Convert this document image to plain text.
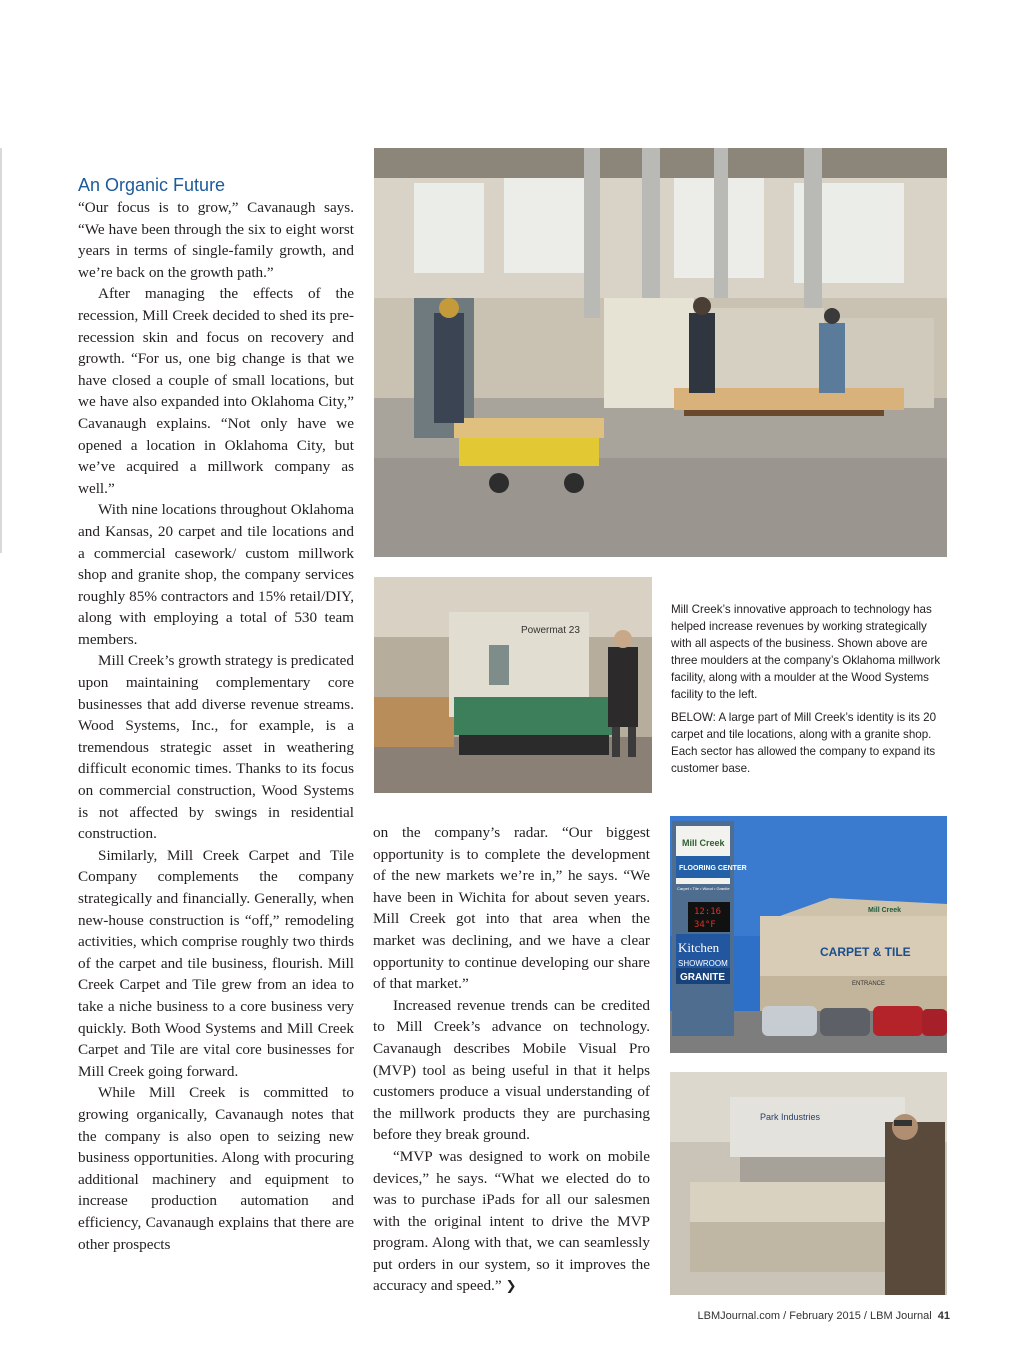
An Organic Future

“Our focus is to grow,” Cavanaugh says. “We have been through the six to eight worst years in terms of single-family growth, and we’re back on the growth path.”

After managing the effects of the recession, Mill Creek decided to shed its pre-recession skin and focus on recovery and growth. “For us, one big change is that we have closed a couple of small locations, but we have also expanded into Oklahoma City,” Cavanaugh explains. “Not only have we opened a location in Oklahoma City, but we’ve acquired a millwork company as well.”

With nine locations throughout Oklahoma and Kansas, 20 carpet and tile locations and a commercial casework/ custom millwork shop and granite shop, the company services roughly 85% contractors and 15% retail/DIY, along with employing a total of 530 team members.

Mill Creek’s growth strategy is predicated upon maintaining complementary core businesses that add diverse revenue streams. Wood Systems, Inc., for example, is a tremendous strategic asset in weathering difficult economic times. Thanks to its focus on commercial construction, Wood Systems is not affected by swings in residential construction.

Similarly, Mill Creek Carpet and Tile Company complements the company strategically and financially. Generally, when new-house construction is “off,” remodeling activities, which comprise roughly two thirds of the carpet and tile business, flourish. Mill Creek Carpet and Tile grew from an idea to take a niche business to a core business very quickly. Both Wood Systems and Mill Creek Carpet and Tile are vital core businesses for Mill Creek going forward.

While Mill Creek is committed to growing organically, Cavanaugh notes that the company is also open to seizing new business opportunities. Along with procuring additional machinery and equipment to increase production automation and efficiency, Cavanaugh explains that there are other prospects

on the company’s radar. “Our biggest opportunity is to complete the development of the new markets we’re in,” he says. “We have been in Wichita for about seven years. Mill Creek got into that area when the market was declining, and we have a clear opportunity to continue developing our share of that market.”

Increased revenue trends can be credited to Mill Creek’s advance on technology. Cavanaugh describes Mobile Visual Pro (MVP) tool as being useful in that it helps customers produce a visual understanding of the millwork products they are purchasing before they break ground.

“MVP was designed to work on mobile devices,” he says. “What we elected do to was to purchase iPads for all our salesmen with the original intent to drive the MVP program. Along with that, we can seamlessly put orders in our system, so it improves the accuracy and speed.” ❯

Powermat 23

Mill Creek’s innovative approach to technology has helped increase revenues by working strategically with all aspects of the business. Shown above are three moulders at the company’s Oklahoma millwork facility, along with a moulder at the Wood Systems facility to the left.

BELOW: A large part of Mill Creek’s identity is its 20 carpet and tile locations, along with a granite shop. Each sector has allowed the company to expand its customer base.

CARPET & TILE
Mill Creek
ENTRANCE
Mill Creek
FLOORING CENTER
Carpet • Tile • Wood • Granite
12:16
34°F
Kitchen
SHOWROOM
GRANITE
Park Industries
LBMJournal.com / February 2015 / LBM Journal 41
